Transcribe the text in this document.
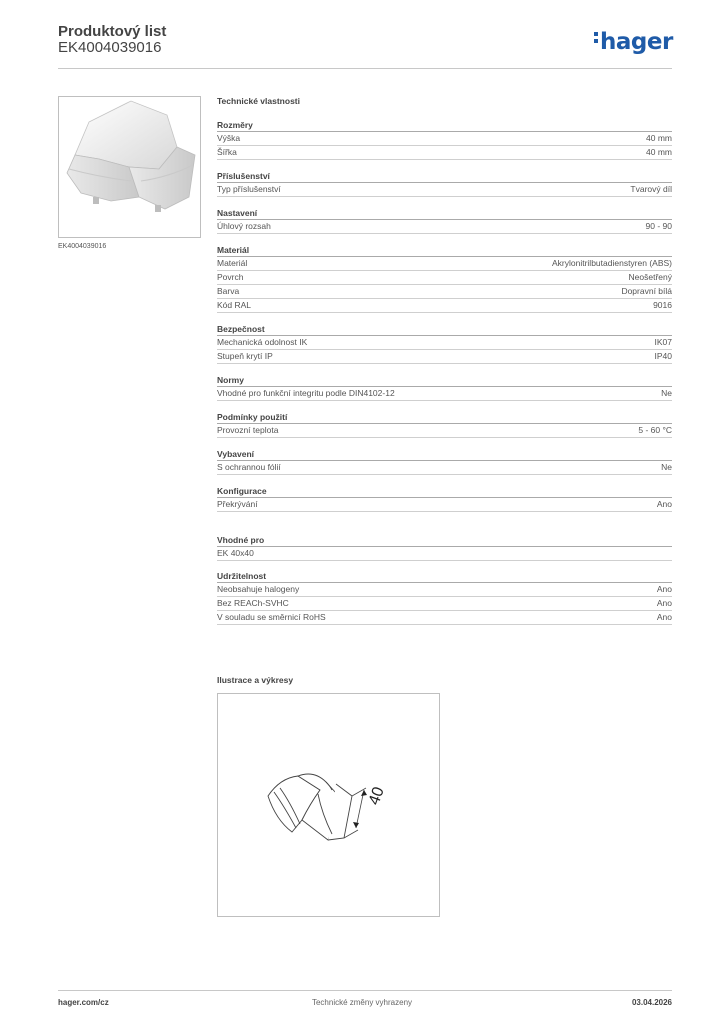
Produktový list
EK4004039016	hager
EK4004039016
Technické vlastnosti
Rozměry
Výška	40 mm
Šířka	40 mm
Příslušenství
Typ příslušenství	Tvarový díl
Nastavení
Úhlový rozsah	90 - 90
Materiál
Materiál	Akrylonitrilbutadienstyren (ABS)
Povrch	Neošetřený
Barva	Dopravní bílá
Kód RAL	9016
Bezpečnost
Mechanická odolnost IK	IK07
Stupeň krytí IP	IP40
Normy
Vhodné pro funkční integritu podle DIN4102-12	Ne
Podmínky použití
Provozní teplota	5 - 60 °C
Vybavení
S ochrannou fólií	Ne
Konfigurace
Překrývání	Ano
Vhodné pro
EK 40x40
Udržitelnost
Neobsahuje halogeny	Ano
Bez REACh-SVHC	Ano
V souladu se směrnicí RoHS	Ano
Ilustrace a výkresy
40
hager.com/cz	Technické změny vyhrazeny	03.04.2026
